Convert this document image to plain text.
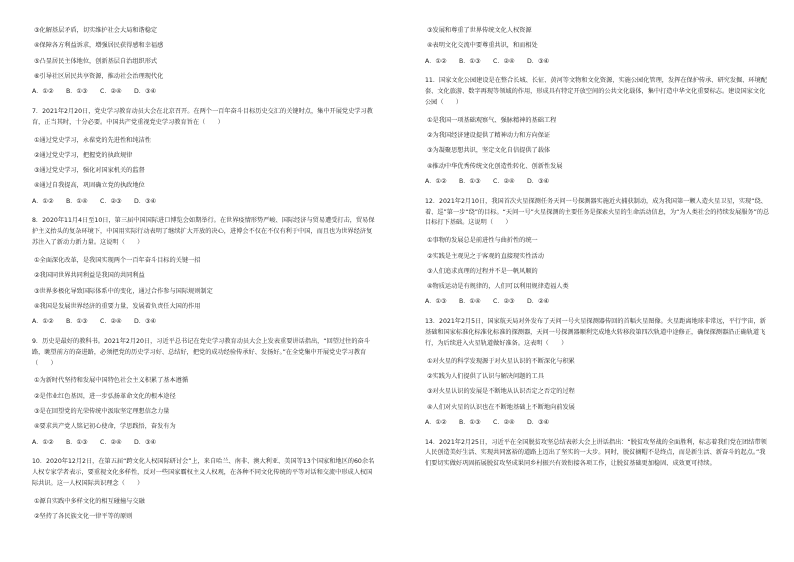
③化解基层矛盾，切实维护社会大局和谐稳定
④保障各方利益诉求，增强居民获得感和幸福感
⑤凸显居民主体地位，创新基层自治组织形式
⑥引导社区居民共享资源，推动社会治理现代化
A．①②	B．①③	C．②④	D．③④
7．2021年2月20日，党史学习教育动员大会在北京召开。在两个一百年奋斗目标历史交汇的关键时点，集中开展党史学习教育，正当其时，十分必要。中国共产党重视党史学习教育旨在（　　）
①通过党史学习，永葆党的先进性和纯洁性
②通过党史学习，把握党的执政规律
③通过党史学习，强化对国家机关的监督
④通过自我提高，巩固确立党的执政地位
A．①②	B．①④	C．②③	D．③④
8．2020年11月4日至10日，第三届中国国际进口博览会如期举行。在世界疫情形势严峻、国际经济与贸易遭受打击，贸易保护主义抬头的复杂环境下，中国用实际行动表明了继续扩大开放的决心，进博会不仅在不仅有利于中国，而且也为世界经济复苏注入了新动力新力量。这说明（　　）
①全面深化改革，是我国实现两个一百年奋斗目标的关键一招
②我国同世界共同利益是我国的共同利益
③世界多极化导致国际体系中的变化，通过合作参与国际规则制定
④我国是发展世界经济的重要力量，发展着负责任大国的作用
A．①②	B．①③	C．②④	D．③④
9．历史是最好的教科书。2021年2月20日，习近平总书记在党史学习教育动员大会上发表重要讲话指出，“回望过往的奋斗路，眺望前方的奋进路，必须把党的历史学习好、总结好，把党的成功经验传承好、发扬好。”在全党集中开展党史学习教育（　　）
①为新时代坚持和发展中国特色社会主义积累了基本遵循
②是伟业红色基因，进一步弘扬革命文化的根本途径
③是在回望党的光荣传统中汲取坚定理想信念力量
④要求共产党人铭记初心使命，学思践悟，奋发有为
A．①②	B．①③	C．②④	D．③④
10．2020年12月2日，在第五届“跨文化人权国际研讨会”上，来自哈兰、南非、澳大利亚、美国等13个国家和地区的60余名人权专家学者表示，要重视文化多样性，反对一些国家霸权主义人权观，在各种不同文化传统的平等对话和交流中形成人权国际共识。这一人权国际共识理念（　　）
①源自实践中多样文化的相互碰撞与交融
②坚持了各民族文化一律平等的原则
③发展和尊重了世界传统文化人权资源
④表明文化交流中要尊重共识，和而相处
A．①②	B．①③	C．②④	D．③④
11．国家文化公园建设是在整合长城、长征、黄河等文物和文化资源，实施公园化管理，发挥在保护传承、研究发掘、环境配套、文化旅游、数字再现等领域的作用，形成具有特定开放空间的公共文化载体，集中打造中华文化重要标志。建设国家文化公园（　　）
①是我国一项基础观察气、强脉精神的基础工程
②为我国经济建设提供了精神动力和方向保证
③为凝聚思想共识，坚定文化自信提供了载体
④推动中华优秀传统文化创造性转化、创新性发展
A．①②	B．①③	C．②④	D．③④
12．2021年2月10日，我国首次火星探测任务天问一号探测器实施近火捕获制动，成为我国第一颗人造火星卫星，实现“绕、着、巡”第一步“绕”的目标。“天问一号”火星探测的主要任务是探索火星的生命活动信息，为“为人类社会的持续发展服务”的总目标打下基础。这说明（　　）
①事物的发展总是前进性与曲折性的统一
②实践是主观见之于客观的直接现实性活动
③人们追求真理的过程并不是一帆风顺的
④物质运动是有规律的，人们可以利用规律造福人类
A．①③	B．①④	C．②③	D．②④
13．2021年2月5日，国家航天局对外发布了天问一号火星探测器传回的首幅火星图像。火星距离地球非常远，平行宇宙，新基础和国家标准化标准化标准的探测器，天问一号探测器顺利完成地火转移段第四次轨道中途修正，确保探测器沿正确轨道飞行，为后续进入火星轨道做好准备。这表明（　　）
①对火星的科学发现源于对火星认识的不断深化与积累
②实践为人们提供了认识与解决问题的工具
③对火星认识的发展是不断地从认识否定之否定的过程
④人们对火星的认识也在不断地基础上不断地向前发展
A．①②	B．①③	C．②④	D．③④
14．2021年2月25日，习近平在全国脱贫攻坚总结表彰大会上讲话指出：“脱贫攻坚战的全面胜利，标志着我们党在团结带领人民创造美好生活、实现共同富裕的道路上迈出了坚实的一大步。同时，脱贫摘帽不是终点，而是新生活、新奋斗的起点。”我们要切实做好巩固拓展脱贫攻坚成果同乡村振兴有效衔接各项工作，让脱贫基础更加稳固、成效更可持续。
